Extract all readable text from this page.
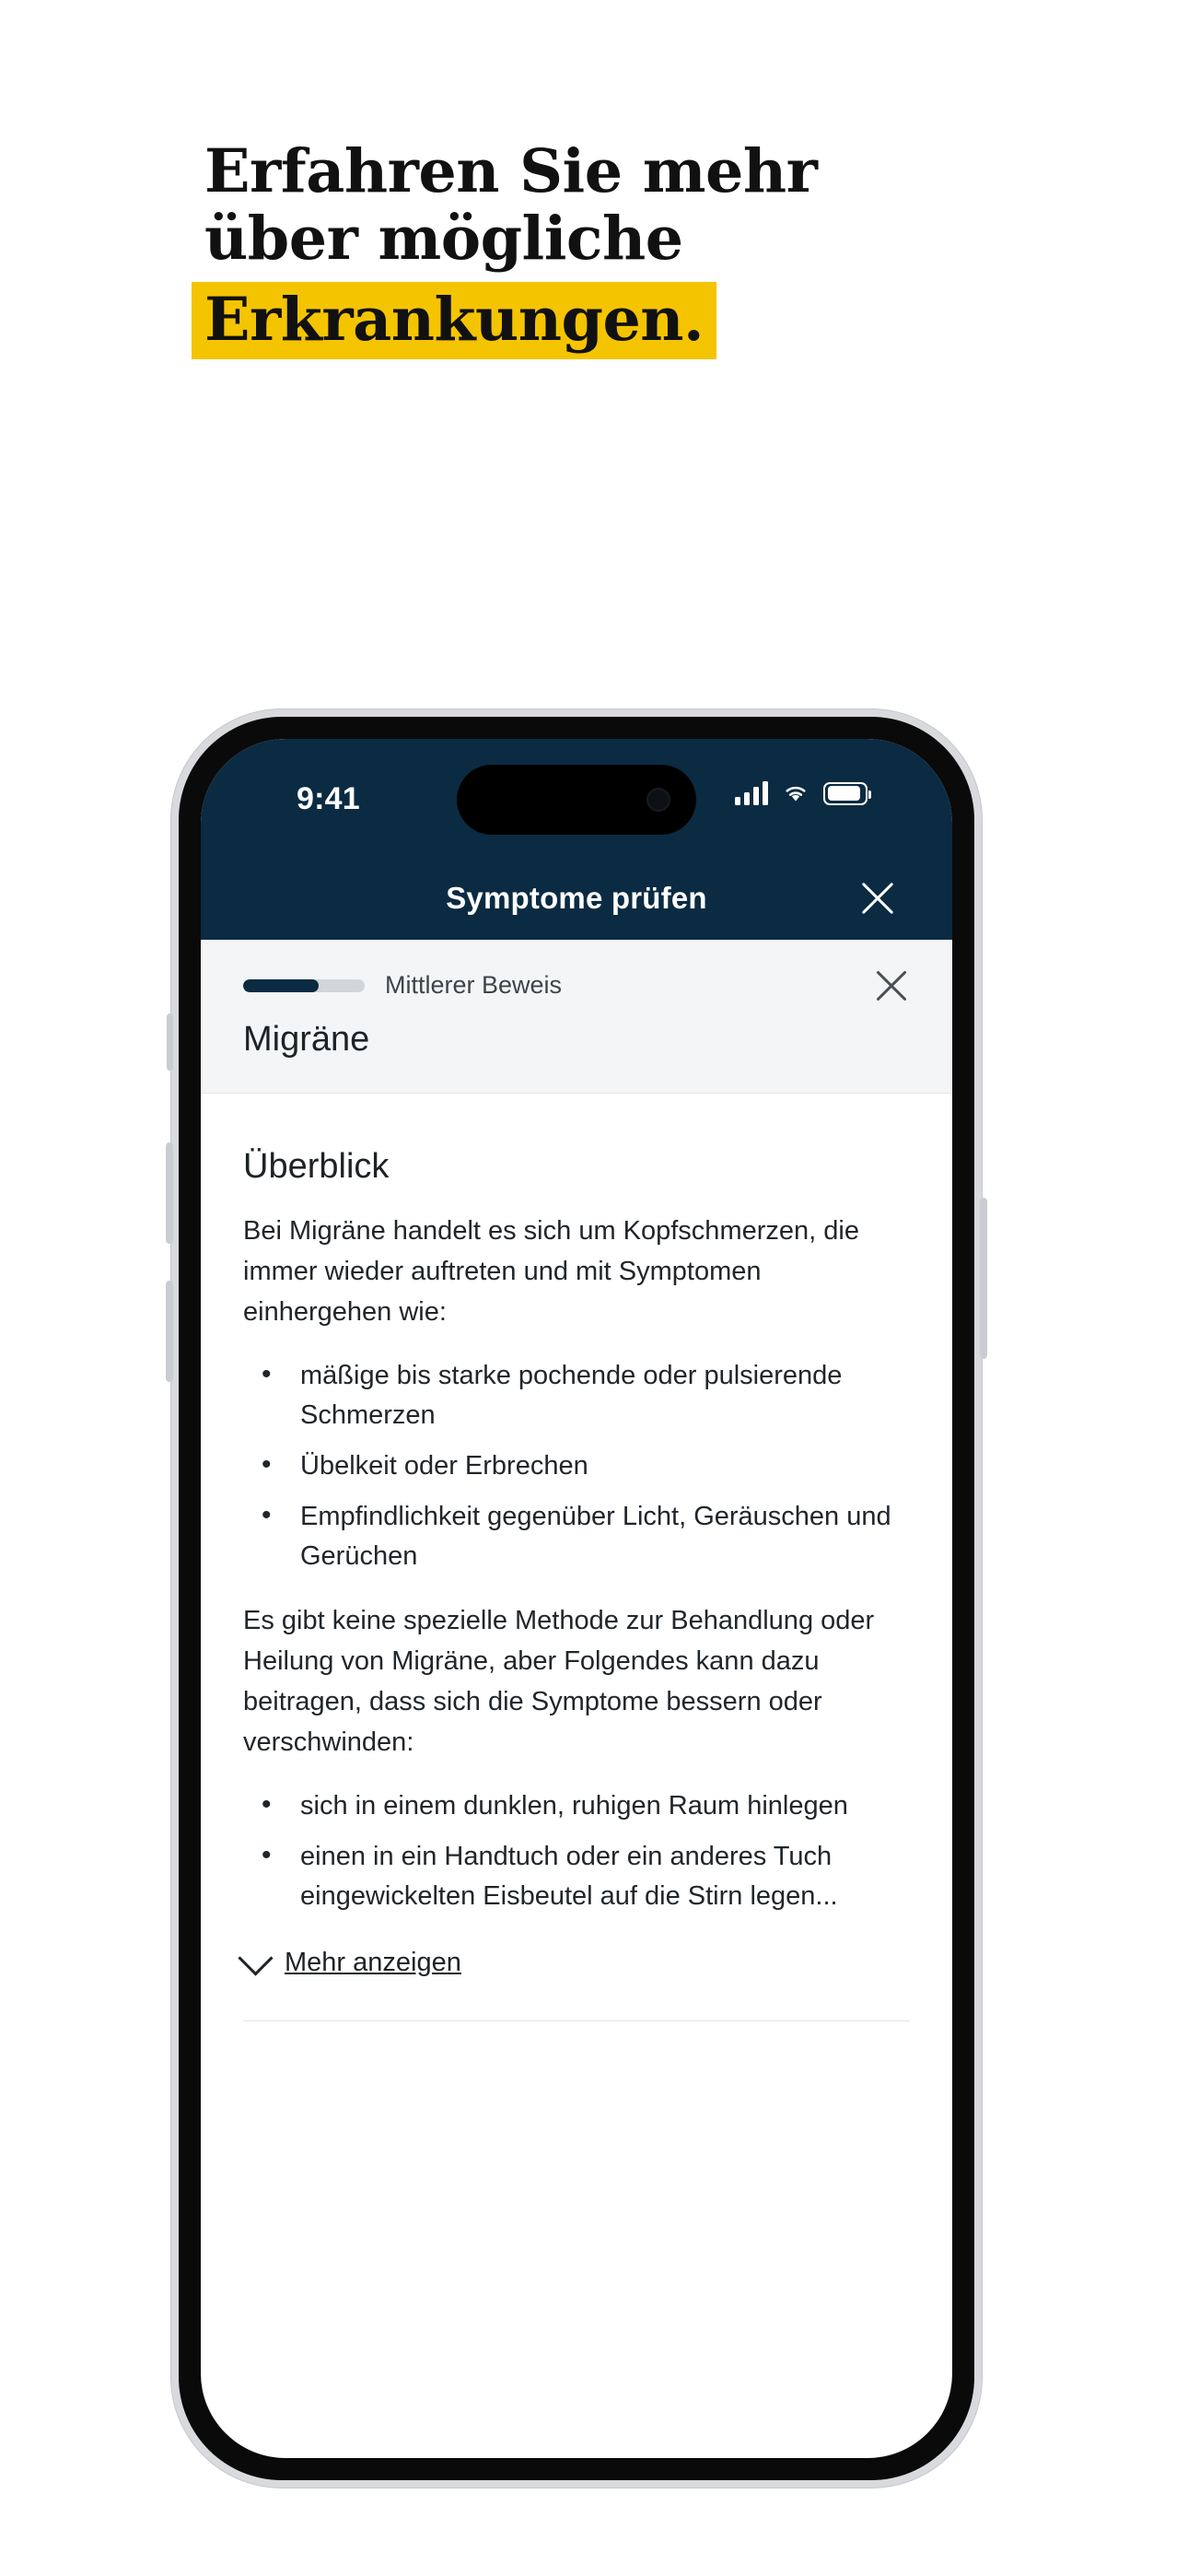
Erfahren Sie mehr
über mögliche
Erkrankungen.
9:41
Symptome prüfen
Mittlerer Beweis
Migräne
Überblick

Bei Migräne handelt es sich um Kopfschmerzen, die immer wieder auftreten und mit Symptomen einhergehen wie:

• mäßige bis starke pochende oder pulsierende Schmerzen
• Übelkeit oder Erbrechen
• Empfindlichkeit gegenüber Licht, Geräuschen und Gerüchen

Es gibt keine spezielle Methode zur Behandlung oder Heilung von Migräne, aber Folgendes kann dazu beitragen, dass sich die Symptome bessern oder verschwinden:

• sich in einem dunklen, ruhigen Raum hinlegen
• einen in ein Handtuch oder ein anderes Tuch eingewickelten Eisbeutel auf die Stirn legen...
Mehr anzeigen
